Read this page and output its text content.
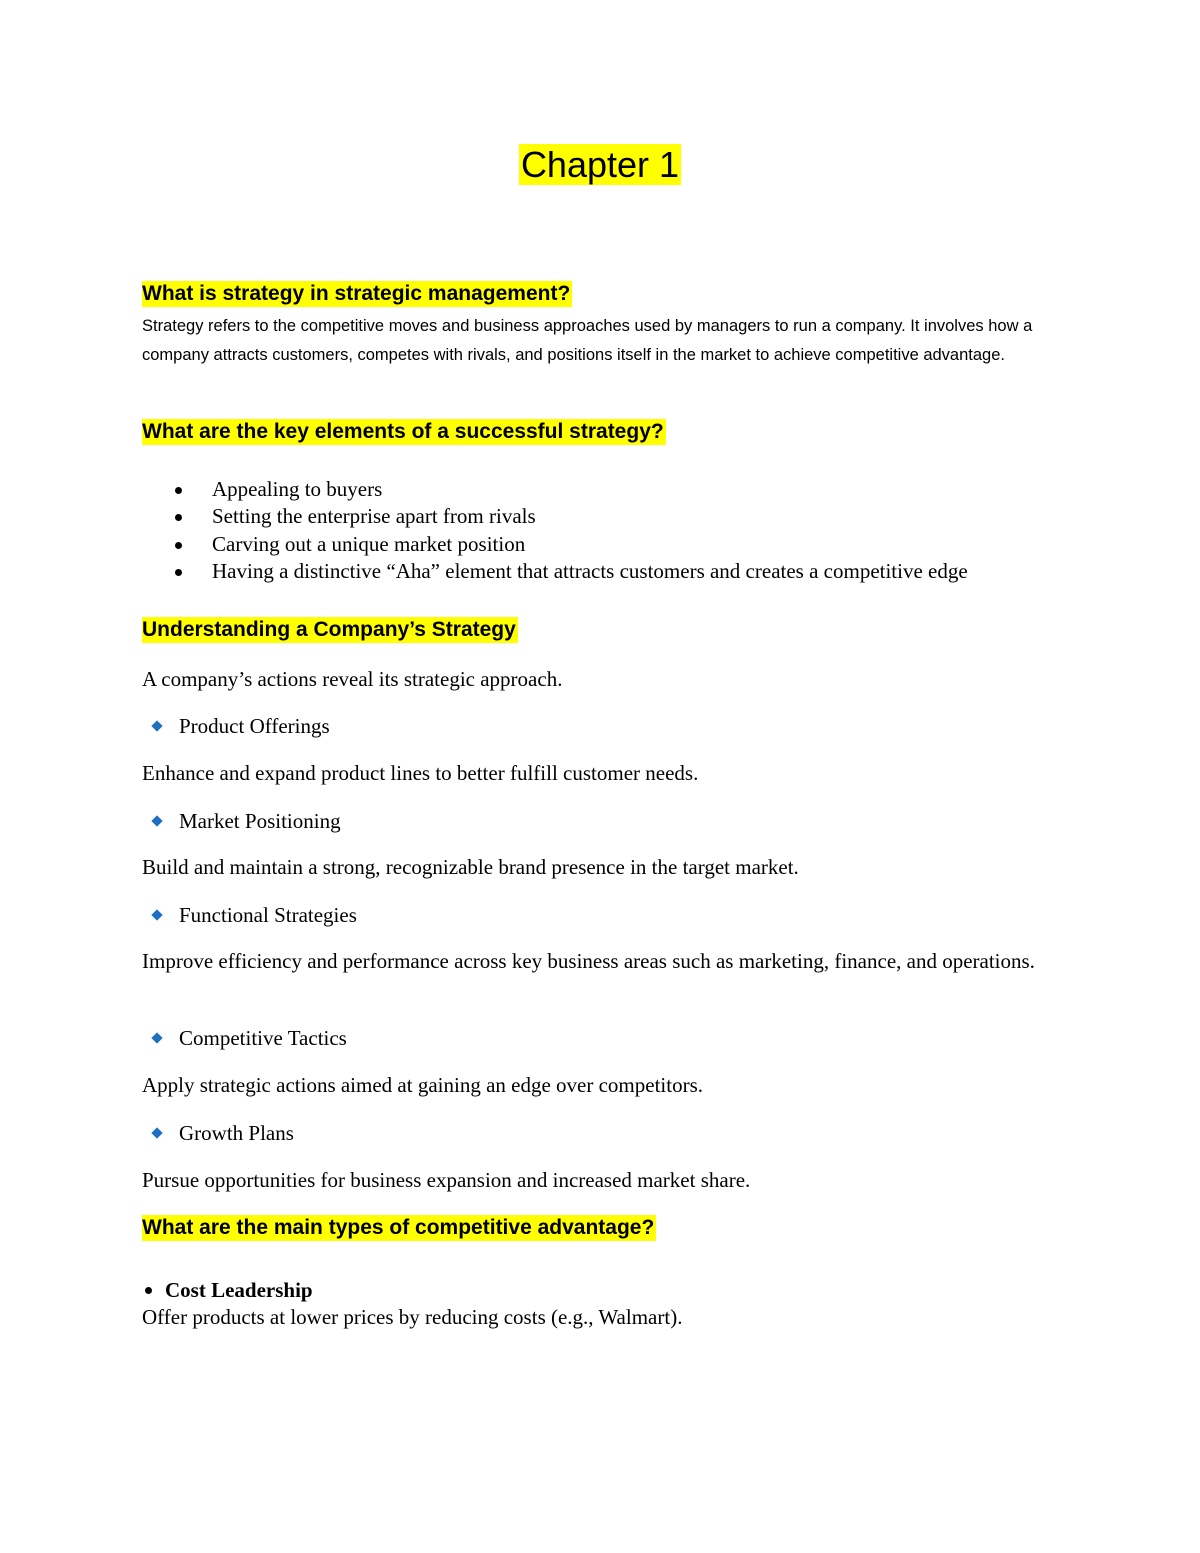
Chapter 1
What is strategy in strategic management?
Strategy refers to the competitive moves and business approaches used by managers to run a company. It involves how a company attracts customers, competes with rivals, and positions itself in the market to achieve competitive advantage.
What are the key elements of a successful strategy?
Appealing to buyers
Setting the enterprise apart from rivals
Carving out a unique market position
Having a distinctive “Aha” element that attracts customers and creates a competitive edge
Understanding a Company’s Strategy
A company’s actions reveal its strategic approach.
Product Offerings
Enhance and expand product lines to better fulfill customer needs.
Market Positioning
Build and maintain a strong, recognizable brand presence in the target market.
Functional Strategies
Improve efficiency and performance across key business areas such as marketing, finance, and operations.
Competitive Tactics
Apply strategic actions aimed at gaining an edge over competitors.
Growth Plans
Pursue opportunities for business expansion and increased market share.
What are the main types of competitive advantage?
Cost Leadership
Offer products at lower prices by reducing costs (e.g., Walmart).
